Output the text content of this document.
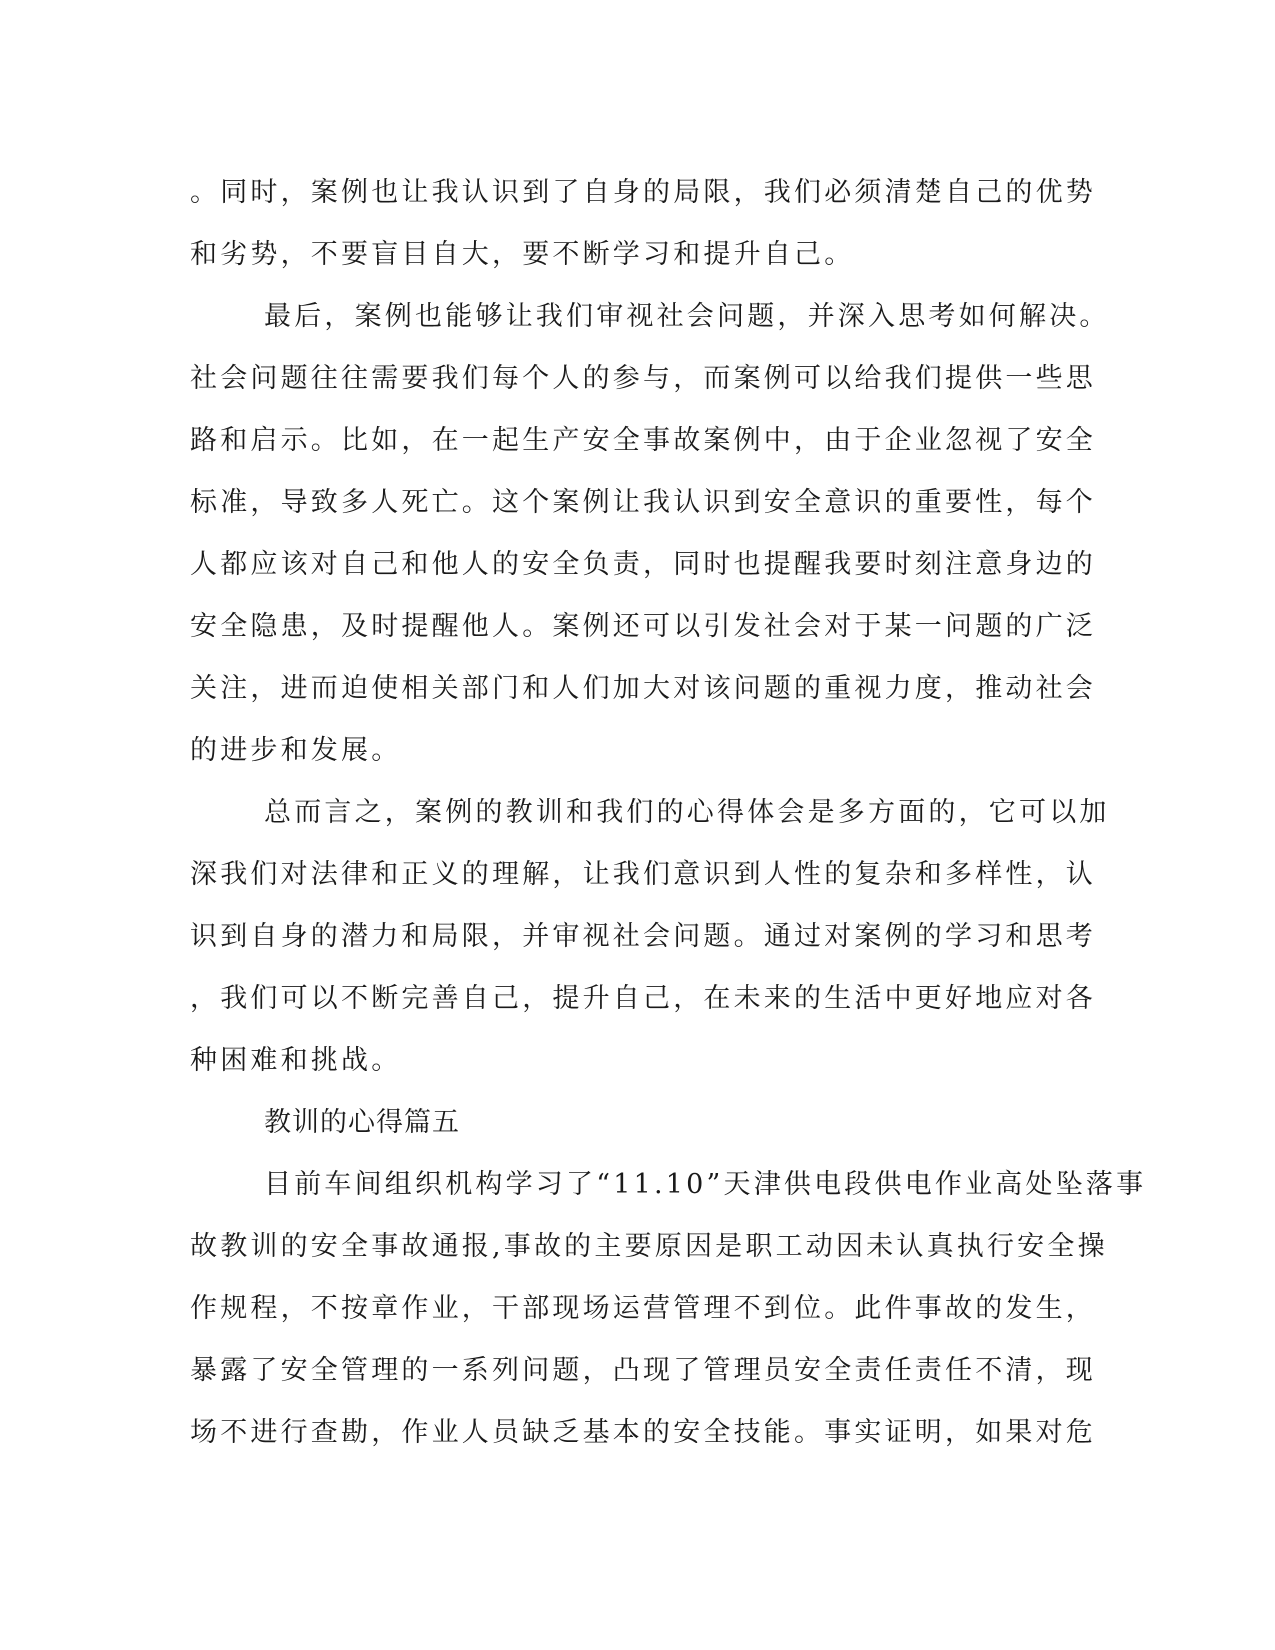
。同时，案例也让我认识到了自身的局限，我们必须清楚自己的优势
和劣势，不要盲目自大，要不断学习和提升自己。
最后，案例也能够让我们审视社会问题，并深入思考如何解决。
社会问题往往需要我们每个人的参与，而案例可以给我们提供一些思
路和启示。比如，在一起生产安全事故案例中，由于企业忽视了安全
标准，导致多人死亡。这个案例让我认识到安全意识的重要性，每个
人都应该对自己和他人的安全负责，同时也提醒我要时刻注意身边的
安全隐患，及时提醒他人。案例还可以引发社会对于某一问题的广泛
关注，进而迫使相关部门和人们加大对该问题的重视力度，推动社会
的进步和发展。
总而言之，案例的教训和我们的心得体会是多方面的，它可以加
深我们对法律和正义的理解，让我们意识到人性的复杂和多样性，认
识到自身的潜力和局限，并审视社会问题。通过对案例的学习和思考
，我们可以不断完善自己，提升自己，在未来的生活中更好地应对各
种困难和挑战。
教训的心得篇五
目前车间组织机构学习了“11.10”天津供电段供电作业高处坠落事
故教训的安全事故通报,事故的主要原因是职工动因未认真执行安全操
作规程，不按章作业，干部现场运营管理不到位。此件事故的发生，
暴露了安全管理的一系列问题，凸现了管理员安全责任责任不清，现
场不进行查勘，作业人员缺乏基本的安全技能。事实证明，如果对危
